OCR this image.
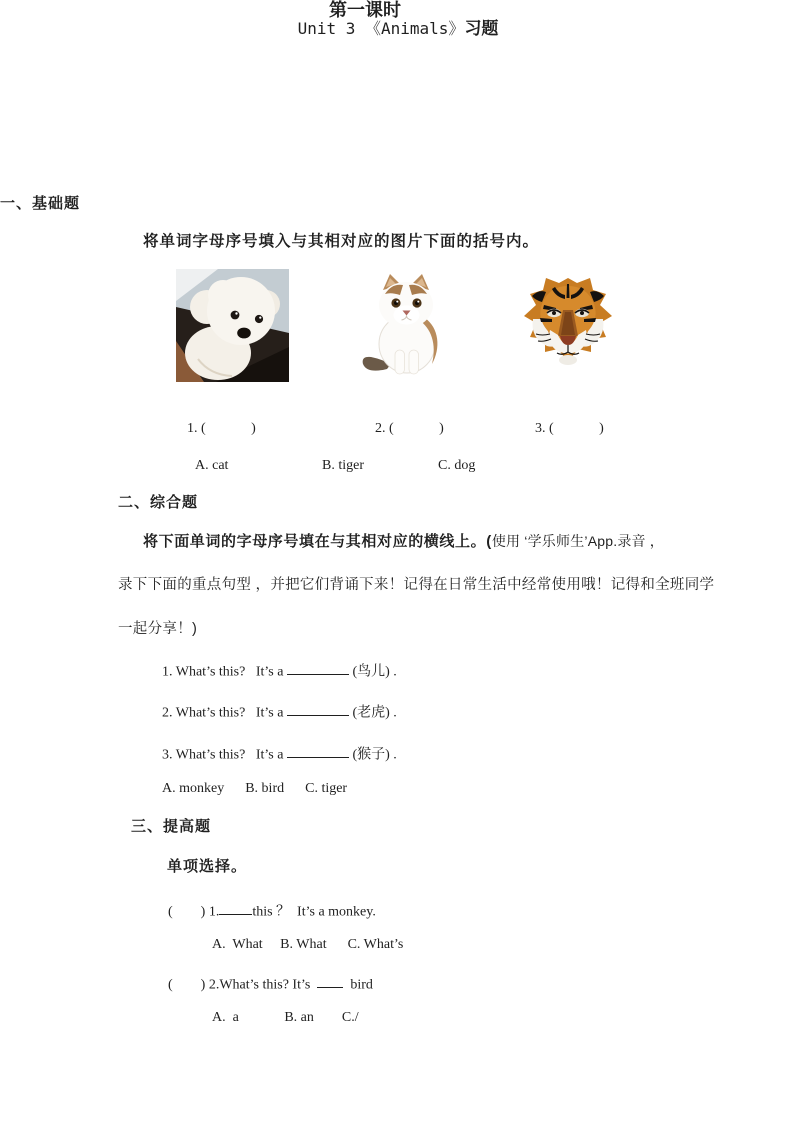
Unit 3 《Animals》习题

第一课时
一、基础题
将单词字母序号填入与其相对应的图片下面的括号内。
1. (             )	2. (             )	3. (             )
A. cat	B. tiger	C. dog
二、综合题
将下面单词的字母序号填在与其相对应的横线上。(使用 ‘学乐师生’App.录音 ，
录下下面的重点句型 ，并把它们背诵下来！记得在日常生活中经常使用哦！记得和全班同学
一起分享！)
1. What’s this?   It’s a	(鸟儿) .
2. What’s this?   It’s a	(老虎) .
3. What’s this?   It’s a	(猴子) .
A. monkey      B. bird      C. tiger
三、提高题
单项选择。
(        ) 1. this ？  It’s a monkey.
A.  What     B. What      C. What’s
(        ) 2.What’s this? It’s    bird
A.  a             B. an        C./
